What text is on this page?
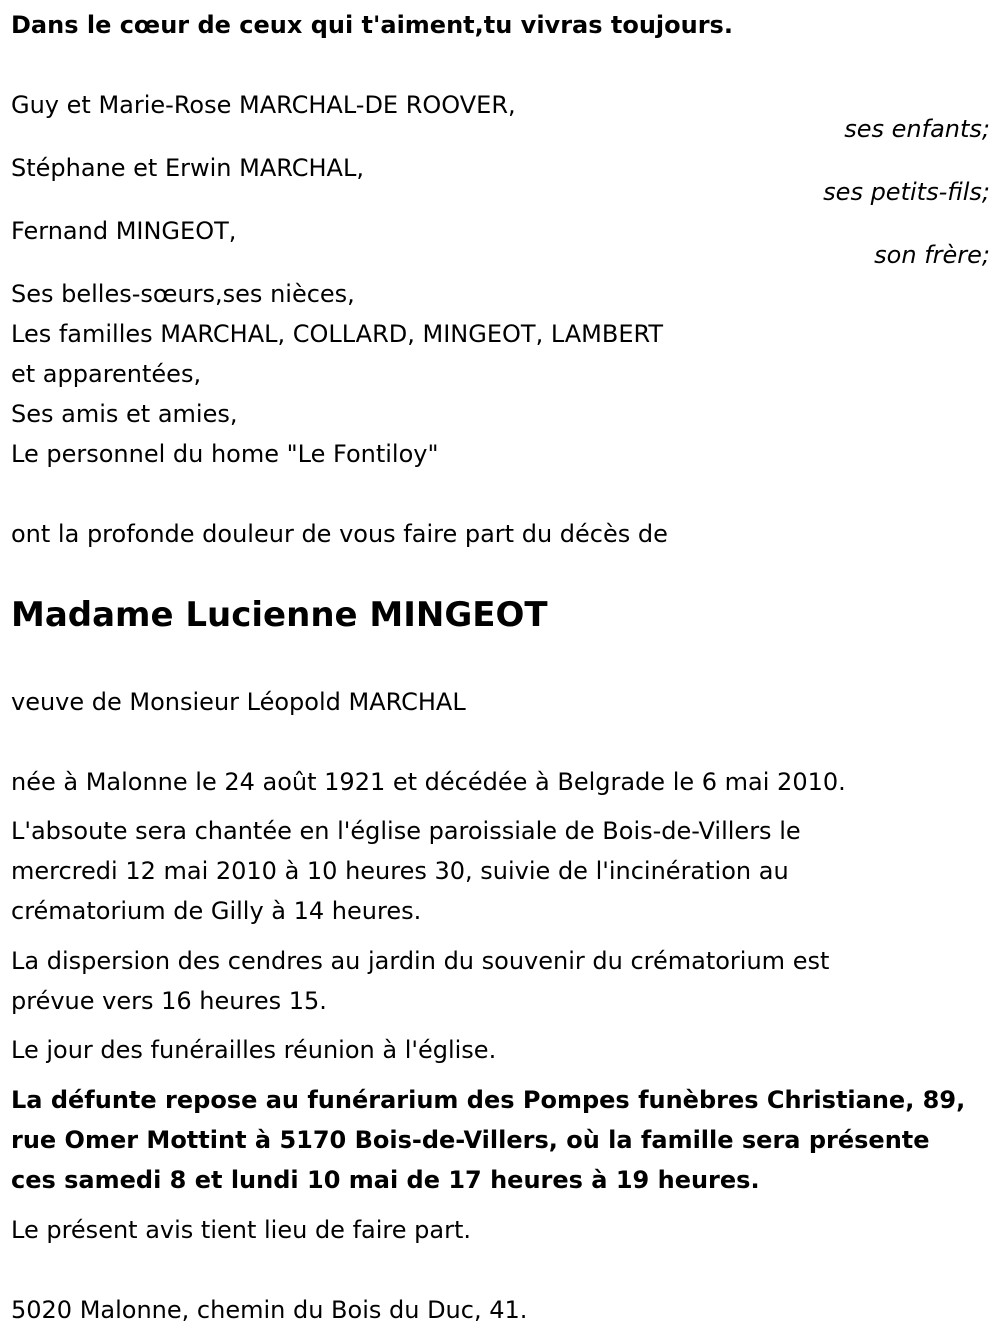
Dans le cœur de ceux qui t'aiment,tu vivras toujours.
Guy et Marie-Rose MARCHAL-DE ROOVER,
ses enfants;
Stéphane et Erwin MARCHAL,
ses petits-fils;
Fernand MINGEOT,
son frère;
Ses belles-sœurs,ses nièces,
Les familles MARCHAL, COLLARD, MINGEOT, LAMBERT
et apparentées,
Ses amis et amies,
Le personnel du home "Le Fontiloy"
ont la profonde douleur de vous faire part du décès de
Madame Lucienne MINGEOT
veuve de Monsieur Léopold MARCHAL
née à Malonne le 24 août 1921 et décédée à Belgrade le 6 mai 2010.
L'absoute sera chantée en l'église paroissiale de Bois-de-Villers le
mercredi 12 mai 2010 à 10 heures 30, suivie de l'incinération au
crématorium de Gilly à 14 heures.
La dispersion des cendres au jardin du souvenir du crématorium est
prévue vers 16 heures 15.
Le jour des funérailles réunion à l'église.
La défunte repose au funérarium des Pompes funèbres Christiane, 89,
rue Omer Mottint à 5170 Bois-de-Villers, où la famille sera présente
ces samedi 8 et lundi 10 mai de 17 heures à 19 heures.
Le présent avis tient lieu de faire part.
5020 Malonne, chemin du Bois du Duc, 41.
